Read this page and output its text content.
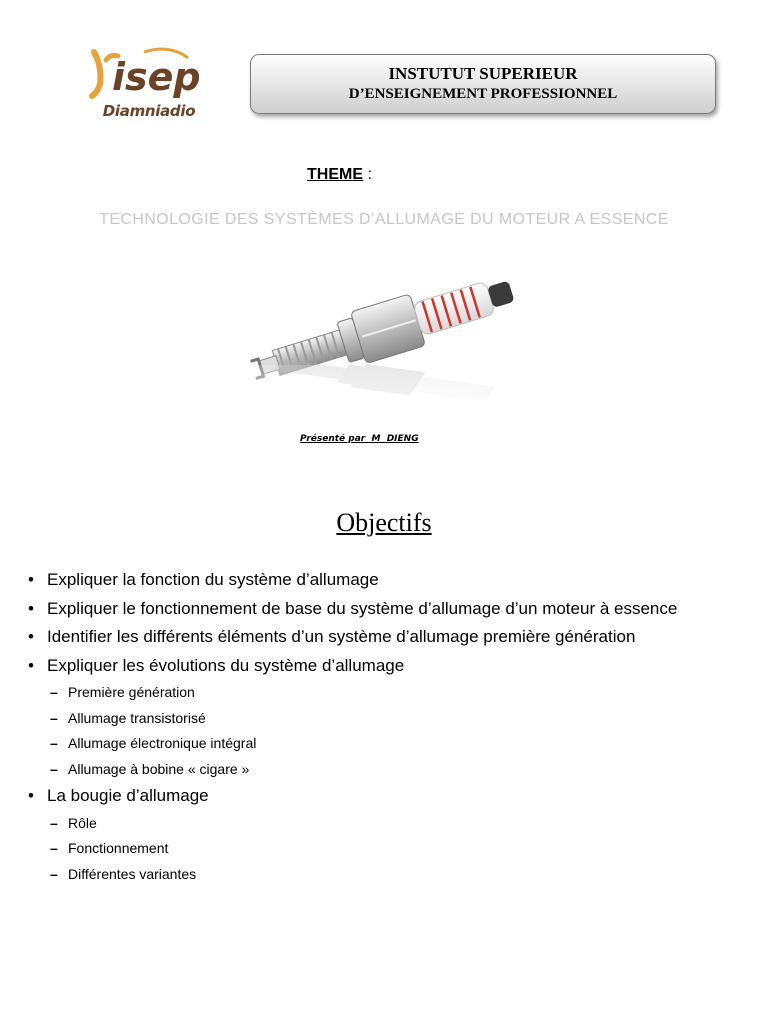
isep
Diamniadio
INSTUTUT SUPERIEUR
D’ENSEIGNEMENT PROFESSIONNEL
THEME :
TECHNOLOGIE DES SYSTÈMES D’ALLUMAGE DU MOTEUR A ESSENCE
Présenté par  M  DIENG
Objectifs
• Expliquer la fonction du système d’allumage
• Expliquer le fonctionnement de base du système d’allumage d’un moteur à essence
• Identifier les différents éléments d’un système d’allumage première génération
• Expliquer les évolutions du système d’allumage
– Première génération
– Allumage transistorisé
– Allumage électronique intégral
– Allumage à bobine « cigare »
• La bougie d’allumage
– Rôle
– Fonctionnement
– Différentes variantes
